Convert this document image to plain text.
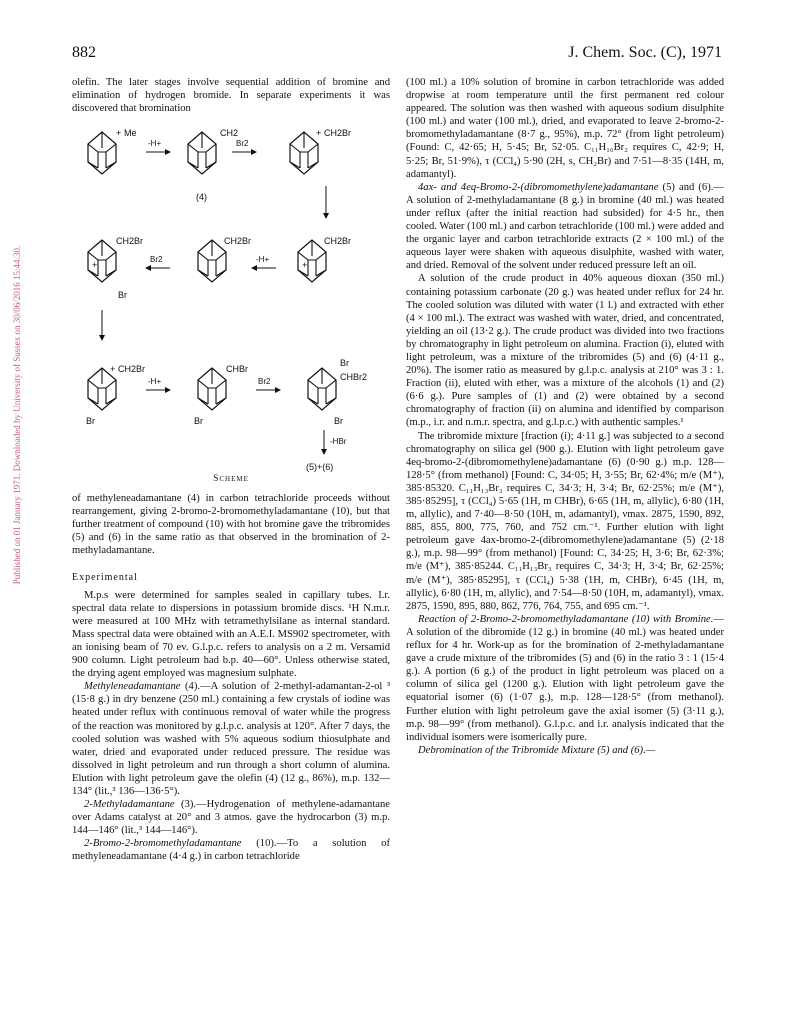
882	J. Chem. Soc. (C), 1971
Published on 01 January 1971. Downloaded by University of Sussex on 30/06/2016 15:44:30.

olefin. The later stages involve sequential addition of bromine and elimination of hydrogen bromide. In separate experiments it was discovered that bromination

+ Me
-H+
CH2
(4)
Br2
+ CH2Br
CH2Br
+
Br
Br2
CH2Br
-H+
CH2Br
+
+ CH2Br
Br
-H+
CHBr
Br
Br2
Br
CHBr2
Br
-HBr
(5)+(6)
Scheme

of methyleneadamantane (4) in carbon tetrachloride proceeds without rearrangement, giving 2-bromo-2-bromomethyladamantane (10), but that further treatment of compound (10) with hot bromine gave the tribromides (5) and (6) in the same ratio as that observed in the bromination of 2-methyladamantane.

Experimental

M.p.s were determined for samples sealed in capillary tubes. I.r. spectral data relate to dispersions in potassium bromide discs. ¹H N.m.r. were measured at 100 MHz with tetramethylsilane as internal standard. Mass spectral data were obtained with an A.E.I. MS902 spectrometer, with an ionising beam of 70 ev. G.l.p.c. refers to analysis on a 2 m. Versamid 900 column. Light petroleum had b.p. 40—60°. Unless otherwise stated, the drying agent employed was magnesium sulphate.

Methyleneadamantane (4).—A solution of 2-methyl-adamantan-2-ol ³ (15·8 g.) in dry benzene (250 ml.) containing a few crystals of iodine was heated under reflux with continuous removal of water while the progress of the reaction was monitored by g.l.p.c. analysis at 120°. After 7 days, the cooled solution was washed with 5% aqueous sodium thiosulphate and water, dried and evaporated under reduced pressure. The residue was dissolved in light petroleum and run through a short column of alumina. Elution with light petroleum gave the olefin (4) (12 g., 86%), m.p. 132—134° (lit.,³ 136—136·5°).

2-Methyladamantane (3).—Hydrogenation of methylene-adamantane over Adams catalyst at 20° and 3 atmos. gave the hydrocarbon (3) m.p. 144—146° (lit.,³ 144—146°).

2-Bromo-2-bromomethyladamantane (10).—To a solution of methyleneadamantane (4·4 g.) in carbon tetrachloride

(100 ml.) a 10% solution of bromine in carbon tetrachloride was added dropwise at room temperature until the first permanent red colour appeared. The solution was then washed with aqueous sodium disulphite (100 ml.) and water (100 ml.), dried, and evaporated to leave 2-bromo-2-bromomethyladamantane (8·7 g., 95%), m.p. 72° (from light petroleum) (Found: C, 42·65; H, 5·45; Br, 52·05. C₁₁H₁₆Br₂ requires C, 42·9; H, 5·25; Br, 51·9%), τ (CCl₄) 5·90 (2H, s, CH₂Br) and 7·51—8·35 (14H, m, adamantyl).

4ax- and 4eq-Bromo-2-(dibromomethylene)adamantane (5) and (6).—A solution of 2-methyladamantane (8 g.) in bromine (40 ml.) was heated under reflux (after the initial reaction had subsided) for 4·5 hr., then cooled. Water (100 ml.) and carbon tetrachloride (100 ml.) were added and the organic layer and carbon tetrachloride extracts (2 × 100 ml.) of the aqueous layer were shaken with aqueous disulphite, washed with water, and dried. Removal of the solvent under reduced pressure left an oil.

A solution of the crude product in 40% aqueous dioxan (350 ml.) containing potassium carbonate (20 g.) was heated under reflux for 24 hr. The cooled solution was diluted with water (1 l.) and extracted with ether (4 × 100 ml.). The extract was washed with water, dried, and concentrated, yielding an oil (13·2 g.). The crude product was divided into two fractions by chromatography in light petroleum on alumina. Fraction (i), eluted with light petroleum, was a mixture of the tribromides (5) and (6) (4·11 g., 20%). The isomer ratio as measured by g.l.p.c. analysis at 210° was 3 : 1. Fraction (ii), eluted with ether, was a mixture of the alcohols (1) and (2) (6·6 g.). Pure samples of (1) and (2) were obtained by a second chromatography of fraction (ii) on alumina and identified by comparison (m.p., i.r. and n.m.r. spectra, and g.l.p.c.) with authentic samples.¹

The tribromide mixture [fraction (i); 4·11 g.] was subjected to a second chromatography on silica gel (900 g.). Elution with light petroleum gave 4eq-bromo-2-(dibromomethylene)adamantane (6) (0·90 g.) m.p. 128—128·5° (from methanol) [Found: C, 34·05; H, 3·55; Br, 62·4%; m/e (M⁺), 385·85320. C₁₁H₁₃Br₃ requires C, 34·3; H, 3·4; Br, 62·25%; m/e (M⁺), 385·85295], τ (CCl₄) 5·65 (1H, m CHBr), 6·65 (1H, m, allylic), 6·80 (1H, m, allylic), and 7·40—8·50 (10H, m, adamantyl), νmax. 2875, 1590, 892, 885, 855, 800, 775, 760, and 752 cm.⁻¹. Further elution with light petroleum gave 4ax-bromo-2-(dibromomethylene)adamantane (5) (2·18 g.), m.p. 98—99° (from methanol) [Found: C, 34·25; H, 3·6; Br, 62·3%; m/e (M⁺), 385·85244. C₁₁H₁₃Br₃ requires C, 34·3; H, 3·4; Br, 62·25%; m/e (M⁺), 385·85295], τ (CCl₄) 5·38 (1H, m, CHBr), 6·45 (1H, m, allylic), 6·80 (1H, m, allylic), and 7·54—8·50 (10H, m, adamantyl), νmax. 2875, 1590, 895, 880, 862, 776, 764, 755, and 695 cm.⁻¹.

Reaction of 2-Bromo-2-bromomethyladamantane (10) with Bromine.—A solution of the dibromide (12 g.) in bromine (40 ml.) was heated under reflux for 4 hr. Work-up as for the bromination of 2-methyladamantane gave a crude mixture of the tribromides (5) and (6) in the ratio 3 : 1 (15·4 g.). A portion (6 g.) of the product in light petroleum was placed on a column of silica gel (1200 g.). Elution with light petroleum gave the equatorial isomer (6) (1·07 g.), m.p. 128—128·5° (from methanol). Further elution with light petroleum gave the axial isomer (5) (3·11 g.), m.p. 98—99° (from methanol). G.l.p.c. and i.r. analysis indicated that the individual isomers were isomerically pure.

Debromination of the Tribromide Mixture (5) and (6).—
